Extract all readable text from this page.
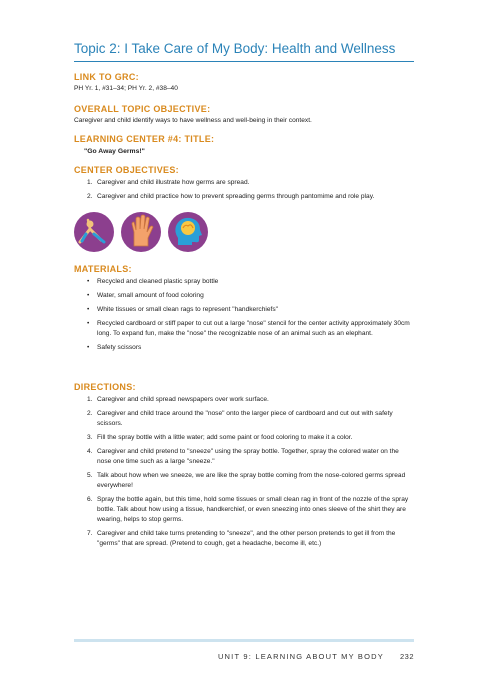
Topic 2: I Take Care of My Body: Health and Wellness
LINK TO GRC:
PH Yr. 1, #31–34; PH Yr. 2, #38–40
OVERALL TOPIC OBJECTIVE:
Caregiver and child identify ways to have wellness and well-being in their context.
LEARNING CENTER #4: TITLE:
"Go Away Germs!"
CENTER OBJECTIVES:
1. Caregiver and child illustrate how germs are spread.
2. Caregiver and child practice how to prevent spreading germs through pantomime and role play.
MATERIALS:
• Recycled and cleaned plastic spray bottle
• Water, small amount of food coloring
• White tissues or small clean rags to represent "handkerchiefs"
• Recycled cardboard or stiff paper to cut out a large "nose" stencil for the center activity approximately 30cm long. To expand fun, make the "nose" the recognizable nose of an animal such as an elephant.
• Safety scissors
DIRECTIONS:
1. Caregiver and child spread newspapers over work surface.
2. Caregiver and child trace around the "nose" onto the larger piece of cardboard and cut out with safety scissors.
3. Fill the spray bottle with a little water; add some paint or food coloring to make it a color.
4. Caregiver and child pretend to "sneeze" using the spray bottle. Together, spray the colored water on the nose one time such as a large "sneeze."
5. Talk about how when we sneeze, we are like the spray bottle coming from the nose-colored germs spread everywhere!
6. Spray the bottle again, but this time, hold some tissues or small clean rag in front of the nozzle of the spray bottle. Talk about how using a tissue, handkerchief, or even sneezing into ones sleeve of the shirt they are wearing, helps to stop germs.
7. Caregiver and child take turns pretending to "sneeze", and the other person pretends to get ill from the "germs" that are spread. (Pretend to cough, get a headache, become ill, etc.)
UNIT 9: LEARNING ABOUT MY BODY 232
